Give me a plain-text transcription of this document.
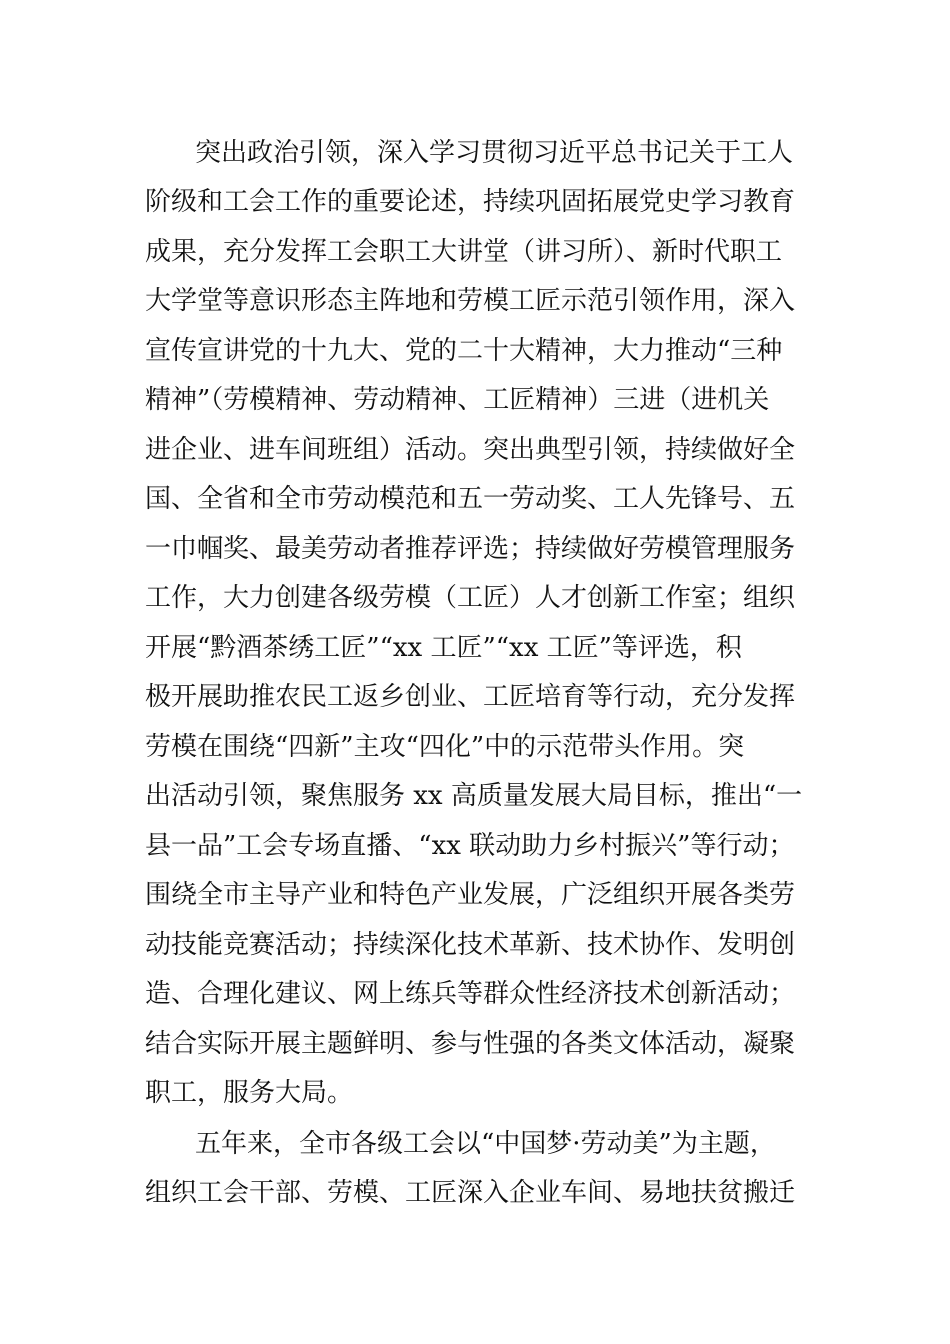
突出政治引领，深入学习贯彻习近平总书记关于工人
阶级和工会工作的重要论述，持续巩固拓展党史学习教育
成果，充分发挥工会职工大讲堂（讲习所）、新时代职工
大学堂等意识形态主阵地和劳模工匠示范引领作用，深入
宣传宣讲党的十九大、党的二十大精神，大力推动“三种
精神”（劳模精神、劳动精神、工匠精神）三进（进机关
进企业、进车间班组）活动。突出典型引领，持续做好全
国、全省和全市劳动模范和五一劳动奖、工人先锋号、五
一巾帼奖、最美劳动者推荐评选；持续做好劳模管理服务
工作，大力创建各级劳模（工匠）人才创新工作室；组织
开展“黔酒茶绣工匠”“xx 工匠”“xx 工匠”等评选，积
极开展助推农民工返乡创业、工匠培育等行动，充分发挥
劳模在围绕“四新”主攻“四化”中的示范带头作用。突
出活动引领，聚焦服务 xx 高质量发展大局目标，推出“一
县一品”工会专场直播、“xx 联动助力乡村振兴”等行动；
围绕全市主导产业和特色产业发展，广泛组织开展各类劳
动技能竞赛活动；持续深化技术革新、技术协作、发明创
造、合理化建议、网上练兵等群众性经济技术创新活动；
结合实际开展主题鲜明、参与性强的各类文体活动，凝聚
职工，服务大局。
五年来，全市各级工会以“中国梦·劳动美”为主题，
组织工会干部、劳模、工匠深入企业车间、易地扶贫搬迁
